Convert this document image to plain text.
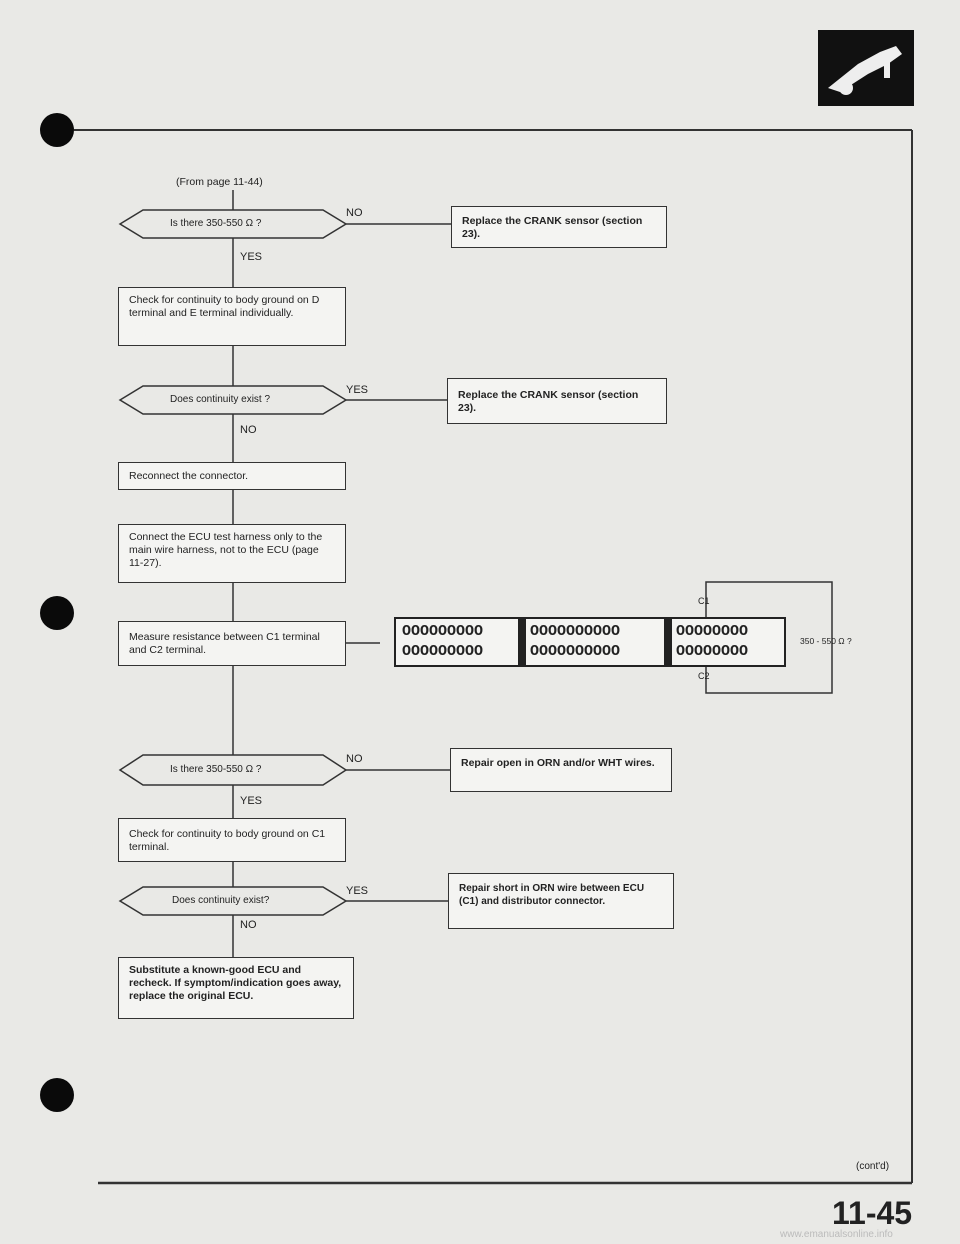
(From page 11-44)
Is there 350-550 Ω ?
Does continuity exist ?
Is there 350-550 Ω ?
Does continuity exist?
NO
YES
YES
NO
NO
YES
YES
NO
Check for continuity to body ground on D terminal and E terminal individually.
Reconnect the connector.
Connect the ECU test harness only to the main wire harness, not to the ECU (page 11-27).
Measure resistance between C1 terminal and C2 terminal.
Check for continuity to body ground on C1 terminal.
Substitute a known-good ECU and recheck. If symptom/indication goes away, replace the original ECU.
Replace the CRANK sensor (section 23).
Replace the CRANK sensor (section 23).
Repair open in ORN and/or WHT wires.
Repair short in ORN wire between ECU (C1) and distributor connector.
OOOOOOOOO
OOOOOOOOO
OOOOOOOOOO
OOOOOOOOOO
OOOOOOOO
OOOOOOOO
C1
C2
350 - 550 Ω ?
(cont'd)
11-45
www.emanualsonline.info
